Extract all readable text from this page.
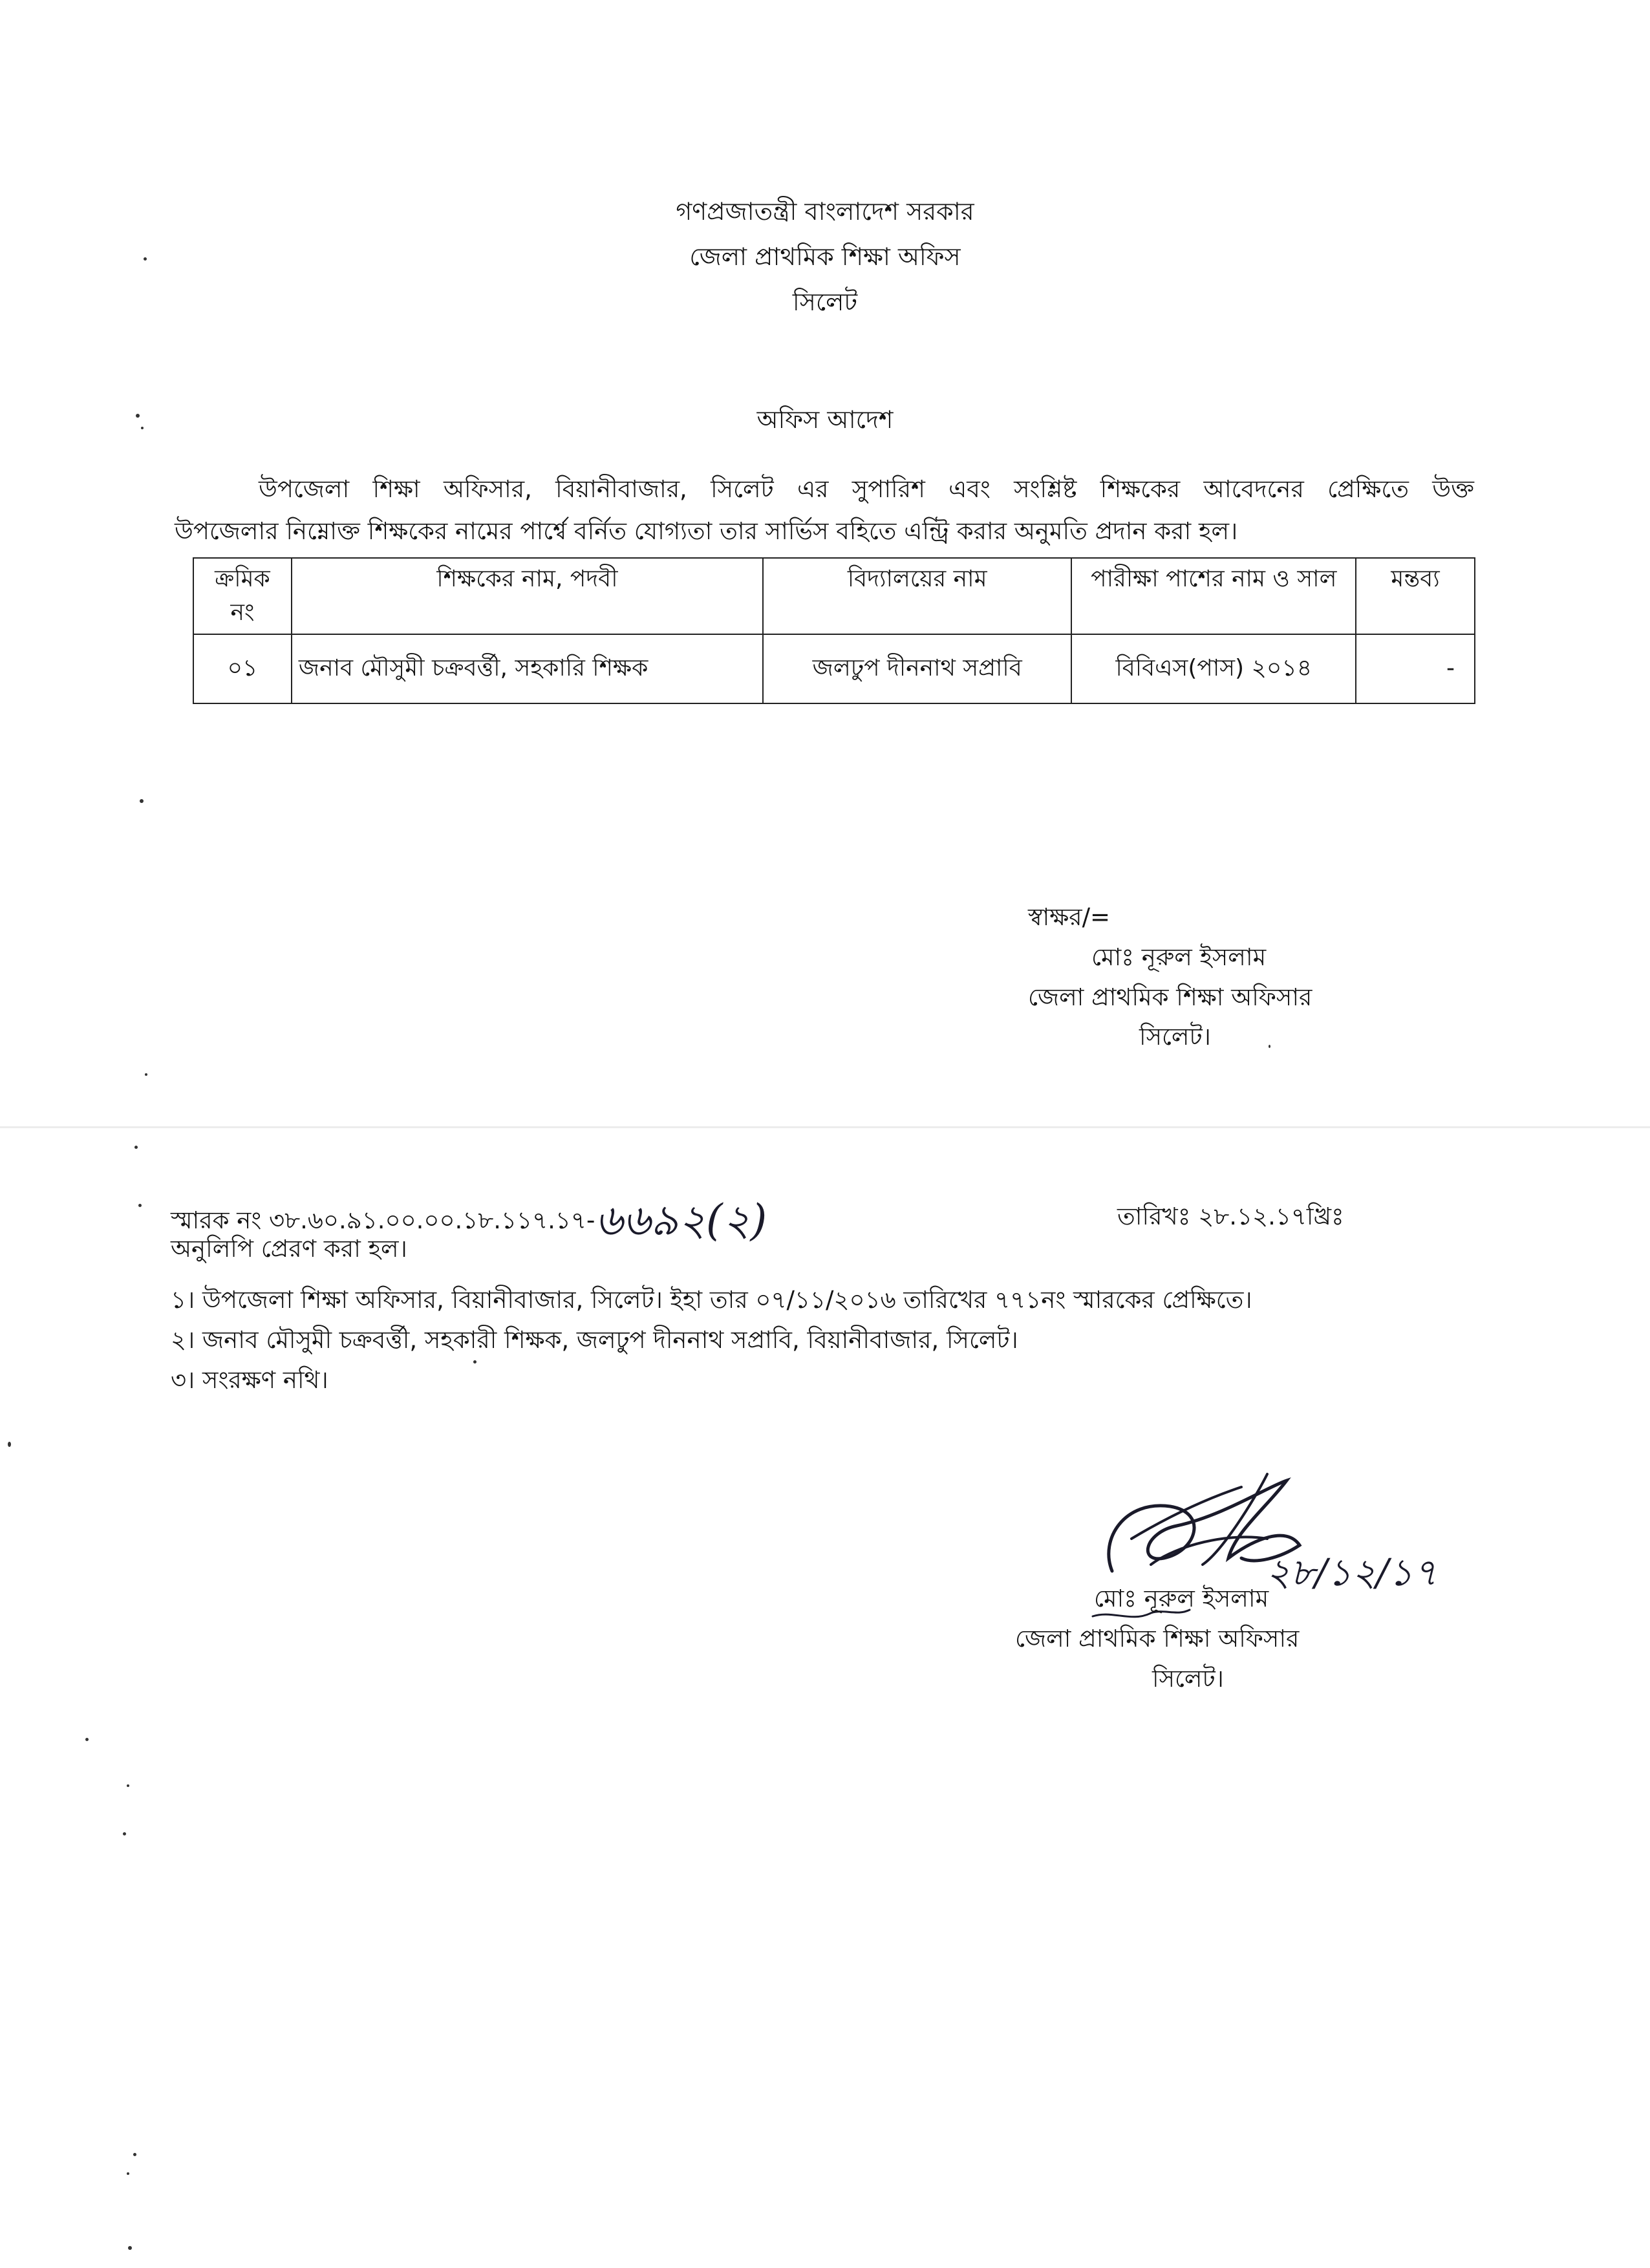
গণপ্রজাতন্ত্রী বাংলাদেশ সরকার
জেলা প্রাথমিক শিক্ষা অফিস
সিলেট
অফিস আদেশ
উপজেলা শিক্ষা অফিসার, বিয়ানীবাজার, সিলেট এর সুপারিশ এবং সংশ্লিষ্ট শিক্ষকের আবেদনের প্রেক্ষিতে উক্ত
উপজেলার নিম্নোক্ত শিক্ষকের নামের পার্শ্বে বর্নিত যোগ্যতা তার সার্ভিস বহিতে এন্ট্রি করার অনুমতি প্রদান করা হল।
ক্রমিক নং	শিক্ষকের নাম, পদবী	বিদ্যালয়ের নাম	পারীক্ষা পাশের নাম ও সাল	মন্তব্য
০১	জনাব মৌসুমী চক্রবর্ত্তী, সহকারি শিক্ষক	জলঢুপ দীননাথ সপ্রাবি	বিবিএস(পাস) ২০১৪	-
স্বাক্ষর/=
মোঃ নূরুল ইসলাম
জেলা প্রাথমিক শিক্ষা অফিসার
সিলেট।
স্মারক নং ৩৮.৬০.৯১.০০.০০.১৮.১১৭.১৭-৬৬৯২(২)	তারিখঃ ২৮.১২.১৭খ্রিঃ
অনুলিপি প্রেরণ করা হল।
১। উপজেলা শিক্ষা অফিসার, বিয়ানীবাজার, সিলেট। ইহা তার ০৭/১১/২০১৬ তারিখের ৭৭১নং স্মারকের প্রেক্ষিতে।
২। জনাব মৌসুমী চক্রবর্ত্তী, সহকারী শিক্ষক, জলঢুপ দীননাথ সপ্রাবি, বিয়ানীবাজার, সিলেট।
৩। সংরক্ষণ নথি।
২৮/১২/১৭
মোঃ নূরুল ইসলাম
জেলা প্রাথমিক শিক্ষা অফিসার
সিলেট।
